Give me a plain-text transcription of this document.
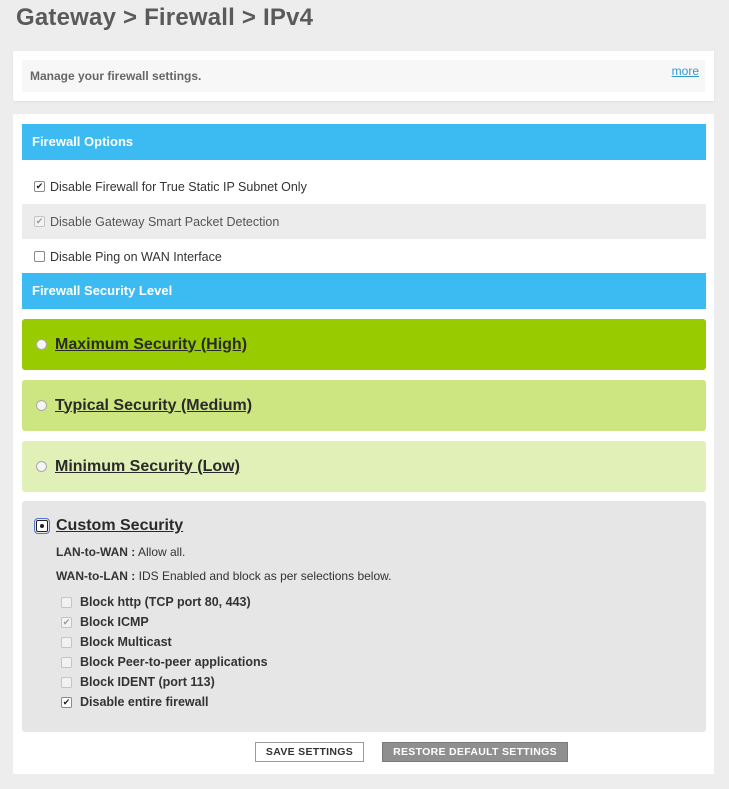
Gateway > Firewall > IPv4
Manage your firewall settings.	more
Firewall Options
✔
Disable Firewall for True Static IP Subnet Only
✔
Disable Gateway Smart Packet Detection
Disable Ping on WAN Interface
Firewall Security Level
Maximum Security (High)
Typical Security (Medium)
Minimum Security (Low)
Custom Security
LAN-to-WAN : Allow all.
WAN-to-LAN : IDS Enabled and block as per selections below.
Block http (TCP port 80, 443)
✔
Block ICMP
Block Multicast
Block Peer-to-peer applications
Block IDENT (port 113)
✔
Disable entire firewall
SAVE SETTINGS	RESTORE DEFAULT SETTINGS
